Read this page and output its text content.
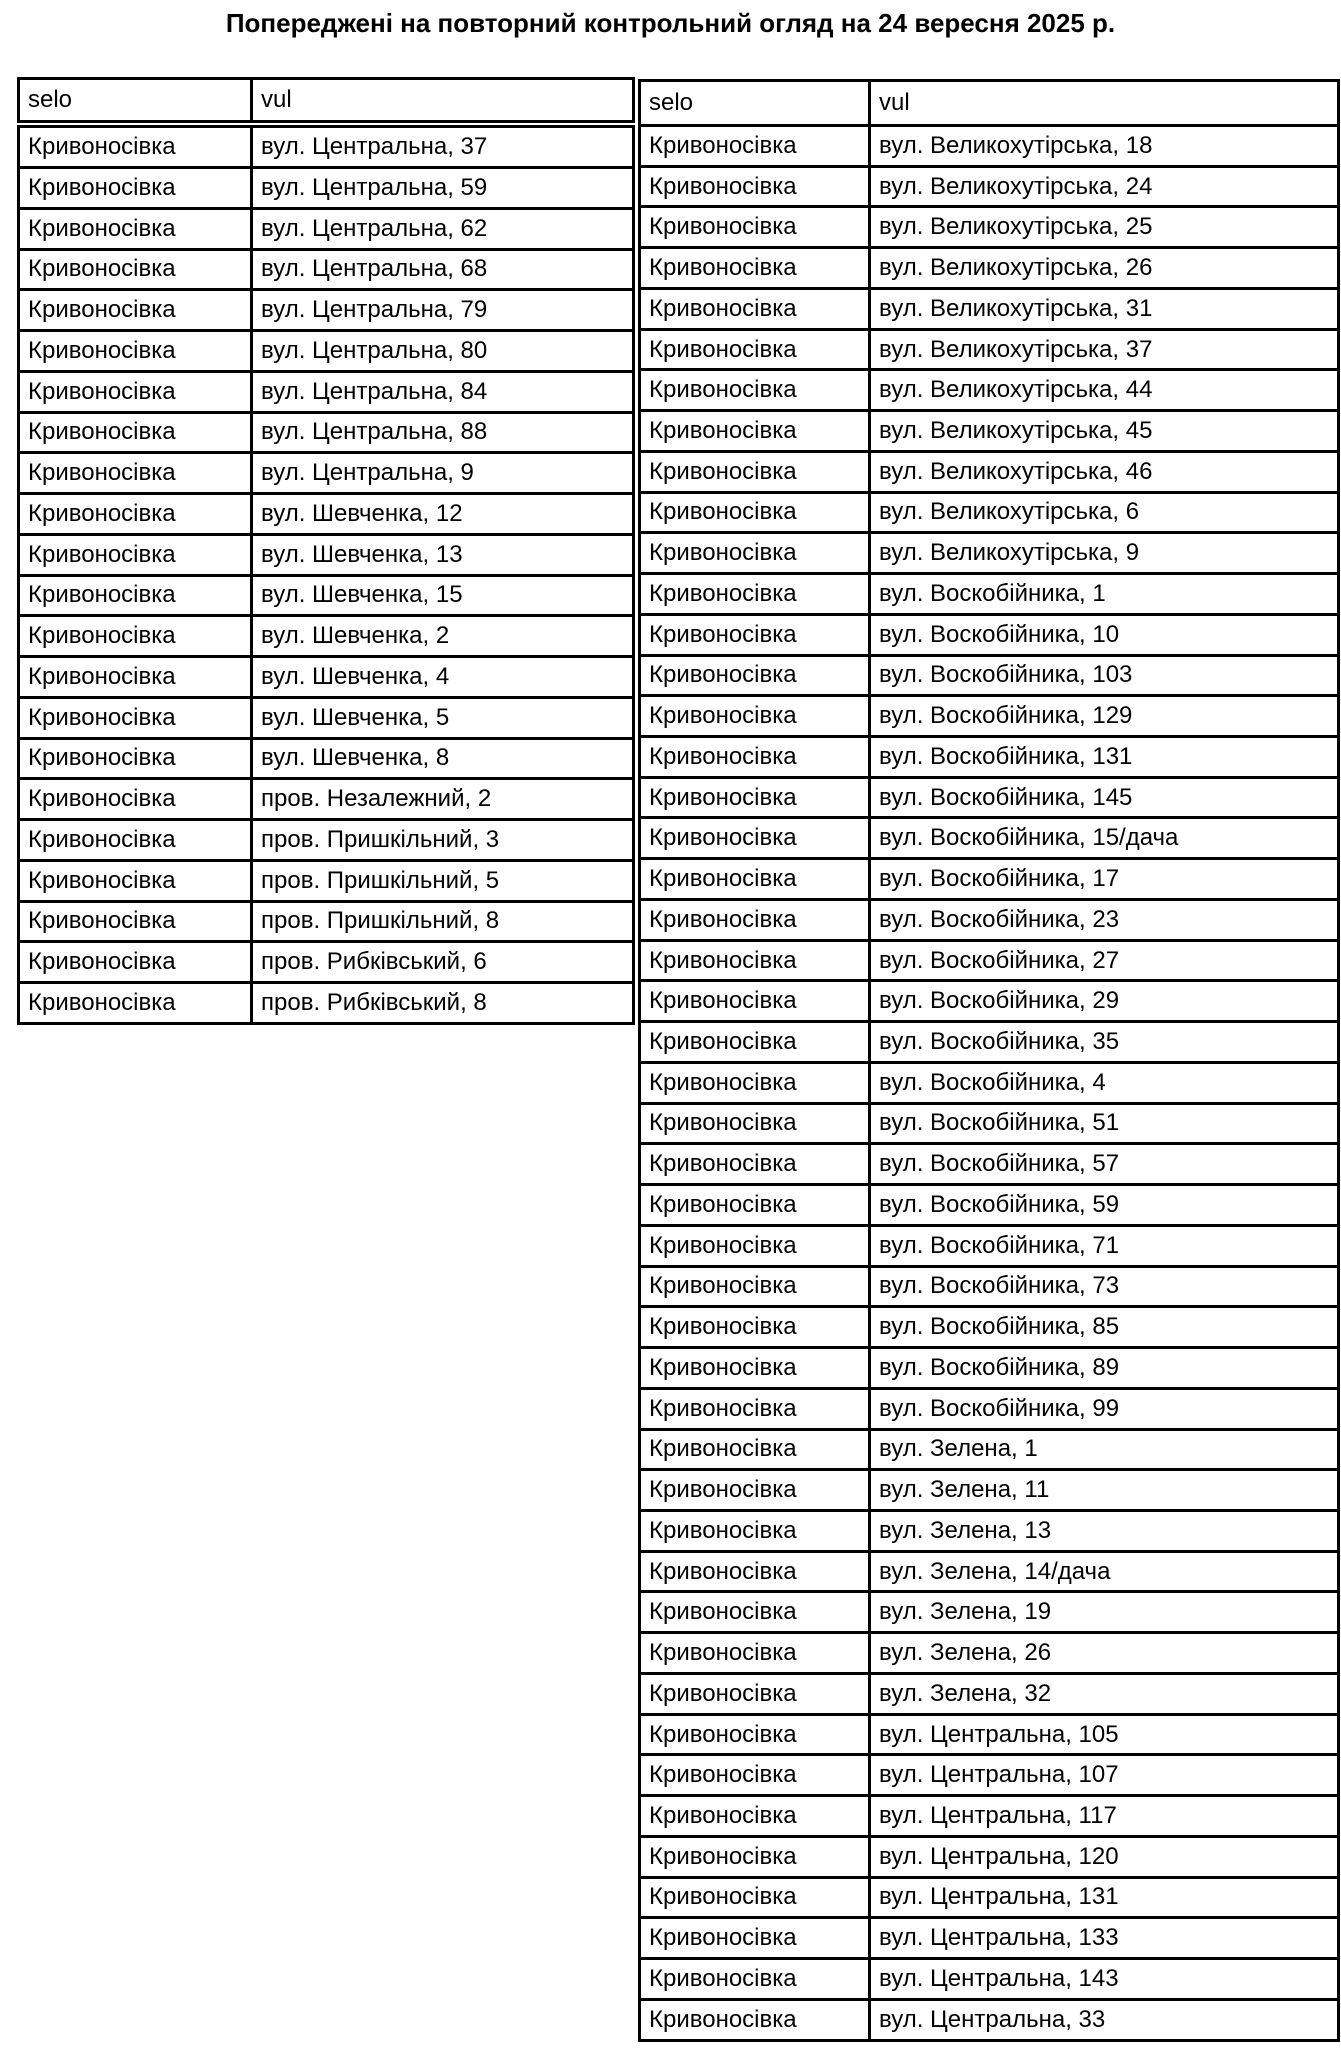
Попереджені на повторний контрольний огляд на 24 вересня 2025 р.
selo	vul
Кривоносівка	вул. Центральна, 37
Кривоносівка	вул. Центральна, 59
Кривоносівка	вул. Центральна, 62
Кривоносівка	вул. Центральна, 68
Кривоносівка	вул. Центральна, 79
Кривоносівка	вул. Центральна, 80
Кривоносівка	вул. Центральна, 84
Кривоносівка	вул. Центральна, 88
Кривоносівка	вул. Центральна, 9
Кривоносівка	вул. Шевченка, 12
Кривоносівка	вул. Шевченка, 13
Кривоносівка	вул. Шевченка, 15
Кривоносівка	вул. Шевченка, 2
Кривоносівка	вул. Шевченка, 4
Кривоносівка	вул. Шевченка, 5
Кривоносівка	вул. Шевченка, 8
Кривоносівка	пров. Незалежний, 2
Кривоносівка	пров. Пришкільний, 3
Кривоносівка	пров. Пришкільний, 5
Кривоносівка	пров. Пришкільний, 8
Кривоносівка	пров. Рибківський, 6
Кривоносівка	пров. Рибківський, 8
selo	vul
Кривоносівка	вул. Великохутірська, 18
Кривоносівка	вул. Великохутірська, 24
Кривоносівка	вул. Великохутірська, 25
Кривоносівка	вул. Великохутірська, 26
Кривоносівка	вул. Великохутірська, 31
Кривоносівка	вул. Великохутірська, 37
Кривоносівка	вул. Великохутірська, 44
Кривоносівка	вул. Великохутірська, 45
Кривоносівка	вул. Великохутірська, 46
Кривоносівка	вул. Великохутірська, 6
Кривоносівка	вул. Великохутірська, 9
Кривоносівка	вул. Воскобійника, 1
Кривоносівка	вул. Воскобійника, 10
Кривоносівка	вул. Воскобійника, 103
Кривоносівка	вул. Воскобійника, 129
Кривоносівка	вул. Воскобійника, 131
Кривоносівка	вул. Воскобійника, 145
Кривоносівка	вул. Воскобійника, 15/дача
Кривоносівка	вул. Воскобійника, 17
Кривоносівка	вул. Воскобійника, 23
Кривоносівка	вул. Воскобійника, 27
Кривоносівка	вул. Воскобійника, 29
Кривоносівка	вул. Воскобійника, 35
Кривоносівка	вул. Воскобійника, 4
Кривоносівка	вул. Воскобійника, 51
Кривоносівка	вул. Воскобійника, 57
Кривоносівка	вул. Воскобійника, 59
Кривоносівка	вул. Воскобійника, 71
Кривоносівка	вул. Воскобійника, 73
Кривоносівка	вул. Воскобійника, 85
Кривоносівка	вул. Воскобійника, 89
Кривоносівка	вул. Воскобійника, 99
Кривоносівка	вул. Зелена, 1
Кривоносівка	вул. Зелена, 11
Кривоносівка	вул. Зелена, 13
Кривоносівка	вул. Зелена, 14/дача
Кривоносівка	вул. Зелена, 19
Кривоносівка	вул. Зелена, 26
Кривоносівка	вул. Зелена, 32
Кривоносівка	вул. Центральна, 105
Кривоносівка	вул. Центральна, 107
Кривоносівка	вул. Центральна, 117
Кривоносівка	вул. Центральна, 120
Кривоносівка	вул. Центральна, 131
Кривоносівка	вул. Центральна, 133
Кривоносівка	вул. Центральна, 143
Кривоносівка	вул. Центральна, 33
